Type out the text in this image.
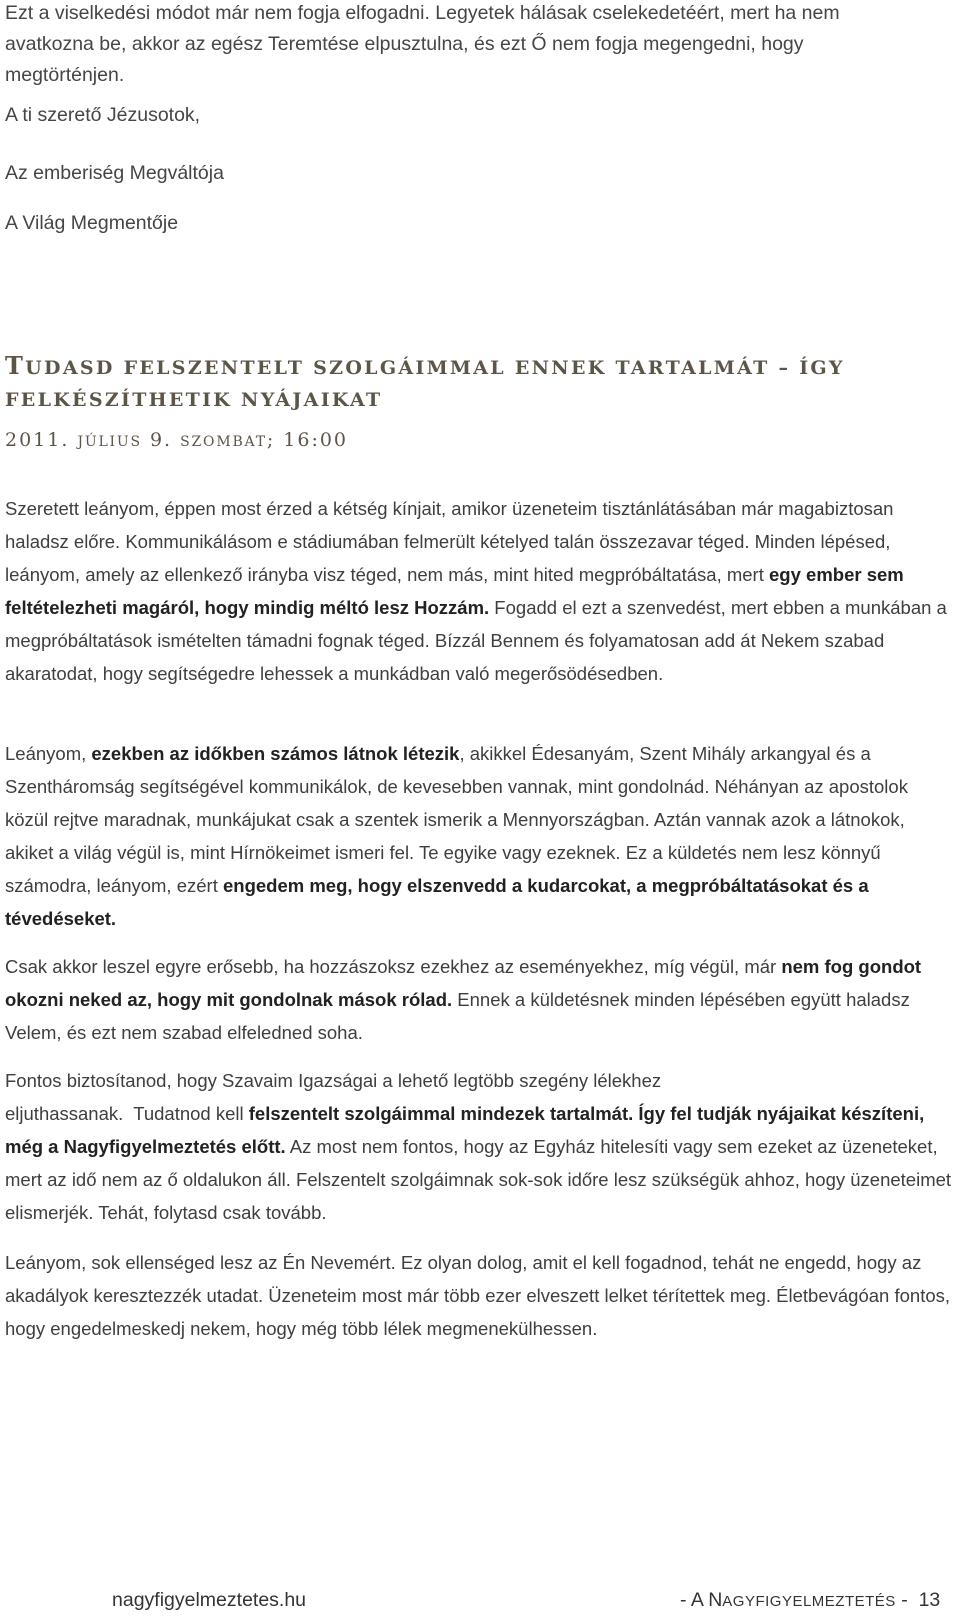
Ezt a viselkedési módot már nem fogja elfogadni. Legyetek hálásak cselekedetéért, mert ha nem avatkozna be, akkor az egész Teremtése elpusztulna, és ezt Ő nem fogja megengedni, hogy megtörténjen.

A ti szerető Jézusotok,

Az emberiség Megváltója

A Világ Megmentője

TUDASD FELSZENTELT SZOLGÁIMMAL ENNEK TARTALMÁT – ÍGY FELKÉSZÍTHETIK NYÁJAIKAT

2011. JÚLIUS 9. SZOMBAT; 16:00

Szeretett leányom, éppen most érzed a kétség kínjait, amikor üzeneteim tisztánlátásában már magabiztosan haladsz előre. Kommunikálásom e stádiumában felmerült kételyed talán összezavar téged. Minden lépésed, leányom, amely az ellenkező irányba visz téged, nem más, mint hited megpróbáltatása, mert egy ember sem feltételezheti magáról, hogy mindig méltó lesz Hozzám. Fogadd el ezt a szenvedést, mert ebben a munkában a megpróbáltatások ismételten támadni fognak téged. Bízzál Bennem és folyamatosan add át Nekem szabad akaratodat, hogy segítségedre lehessek a munkádban való megerősödésedben.

Leányom, ezekben az időkben számos látnok létezik, akikkel Édesanyám, Szent Mihály arkangyal és a Szentháromság segítségével kommunikálok, de kevesebben vannak, mint gondolnád. Néhányan az apostolok közül rejtve maradnak, munkájukat csak a szentek ismerik a Mennyországban. Aztán vannak azok a látnokok, akiket a világ végül is, mint Hírnökeimet ismeri fel. Te egyike vagy ezeknek. Ez a küldetés nem lesz könnyű számodra, leányom, ezért engedem meg, hogy elszenvedd a kudarcokat, a megpróbáltatásokat és a tévedéseket.

Csak akkor leszel egyre erősebb, ha hozzászoksz ezekhez az eseményekhez, míg végül, már nem fog gondot okozni neked az, hogy mit gondolnak mások rólad. Ennek a küldetésnek minden lépésében együtt haladsz Velem, és ezt nem szabad elfeledned soha.

Fontos biztosítanod, hogy Szavaim Igazságai a lehető legtöbb szegény lélekhez
eljuthassanak.  Tudatnod kell felszentelt szolgáimmal mindezek tartalmát. Így fel tudják nyájaikat készíteni, még a Nagyfigyelmeztetés előtt. Az most nem fontos, hogy az Egyház hitelesíti vagy sem ezeket az üzeneteket, mert az idő nem az ő oldalukon áll. Felszentelt szolgáimnak sok-sok időre lesz szükségük ahhoz, hogy üzeneteimet elismerjék. Tehát, folytasd csak tovább.

Leányom, sok ellenséged lesz az Én Nevemért. Ez olyan dolog, amit el kell fogadnod, tehát ne engedd, hogy az akadályok keresztezzék utadat. Üzeneteim most már több ezer elveszett lelket térítettek meg. Életbevágóan fontos, hogy engedelmeskedj nekem, hogy még több lélek megmenekülhessen.

nagyfigyelmeztetes.hu	- A NAGYFIGYELMEZTETÉS - 13
